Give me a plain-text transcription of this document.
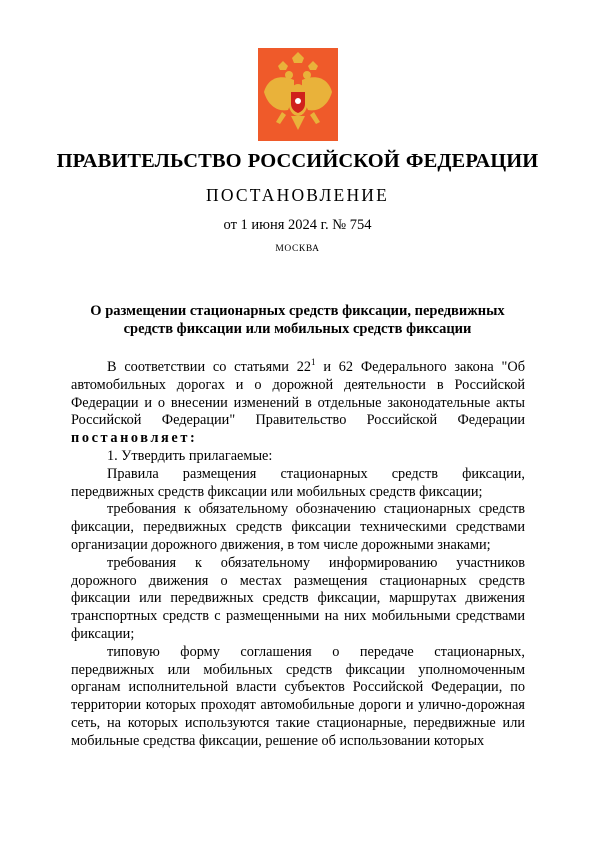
ПРАВИТЕЛЬСТВО РОССИЙСКОЙ ФЕДЕРАЦИИ
ПОСТАНОВЛЕНИЕ
от 1 июня 2024 г. № 754
МОСКВА
О размещении стационарных средств фиксации, передвижных
средств фиксации или мобильных средств фиксации

В соответствии со статьями $22^1$ и 62 Федерального закона "Об автомобильных дорогах и о дорожной деятельности в Российской Федерации и о внесении изменений в отдельные законодательные акты Российской Федерации" Правительство Российской Федерации постановляет:

1. Утвердить прилагаемые:

Правила размещения стационарных средств фиксации, передвижных средств фиксации или мобильных средств фиксации;

требования к обязательному обозначению стационарных средств фиксации, передвижных средств фиксации техническими средствами организации дорожного движения, в том числе дорожными знаками;

требования к обязательному информированию участников дорожного движения о местах размещения стационарных средств фиксации или передвижных средств фиксации, маршрутах движения транспортных средств с размещенными на них мобильными средствами фиксации;

типовую форму соглашения о передаче стационарных, передвижных или мобильных средств фиксации уполномоченным органам исполнительной власти субъектов Российской Федерации, по территории которых проходят автомобильные дороги и улично-дорожная сеть, на которых используются такие стационарные, передвижные или мобильные средства фиксации, решение об использовании которых
